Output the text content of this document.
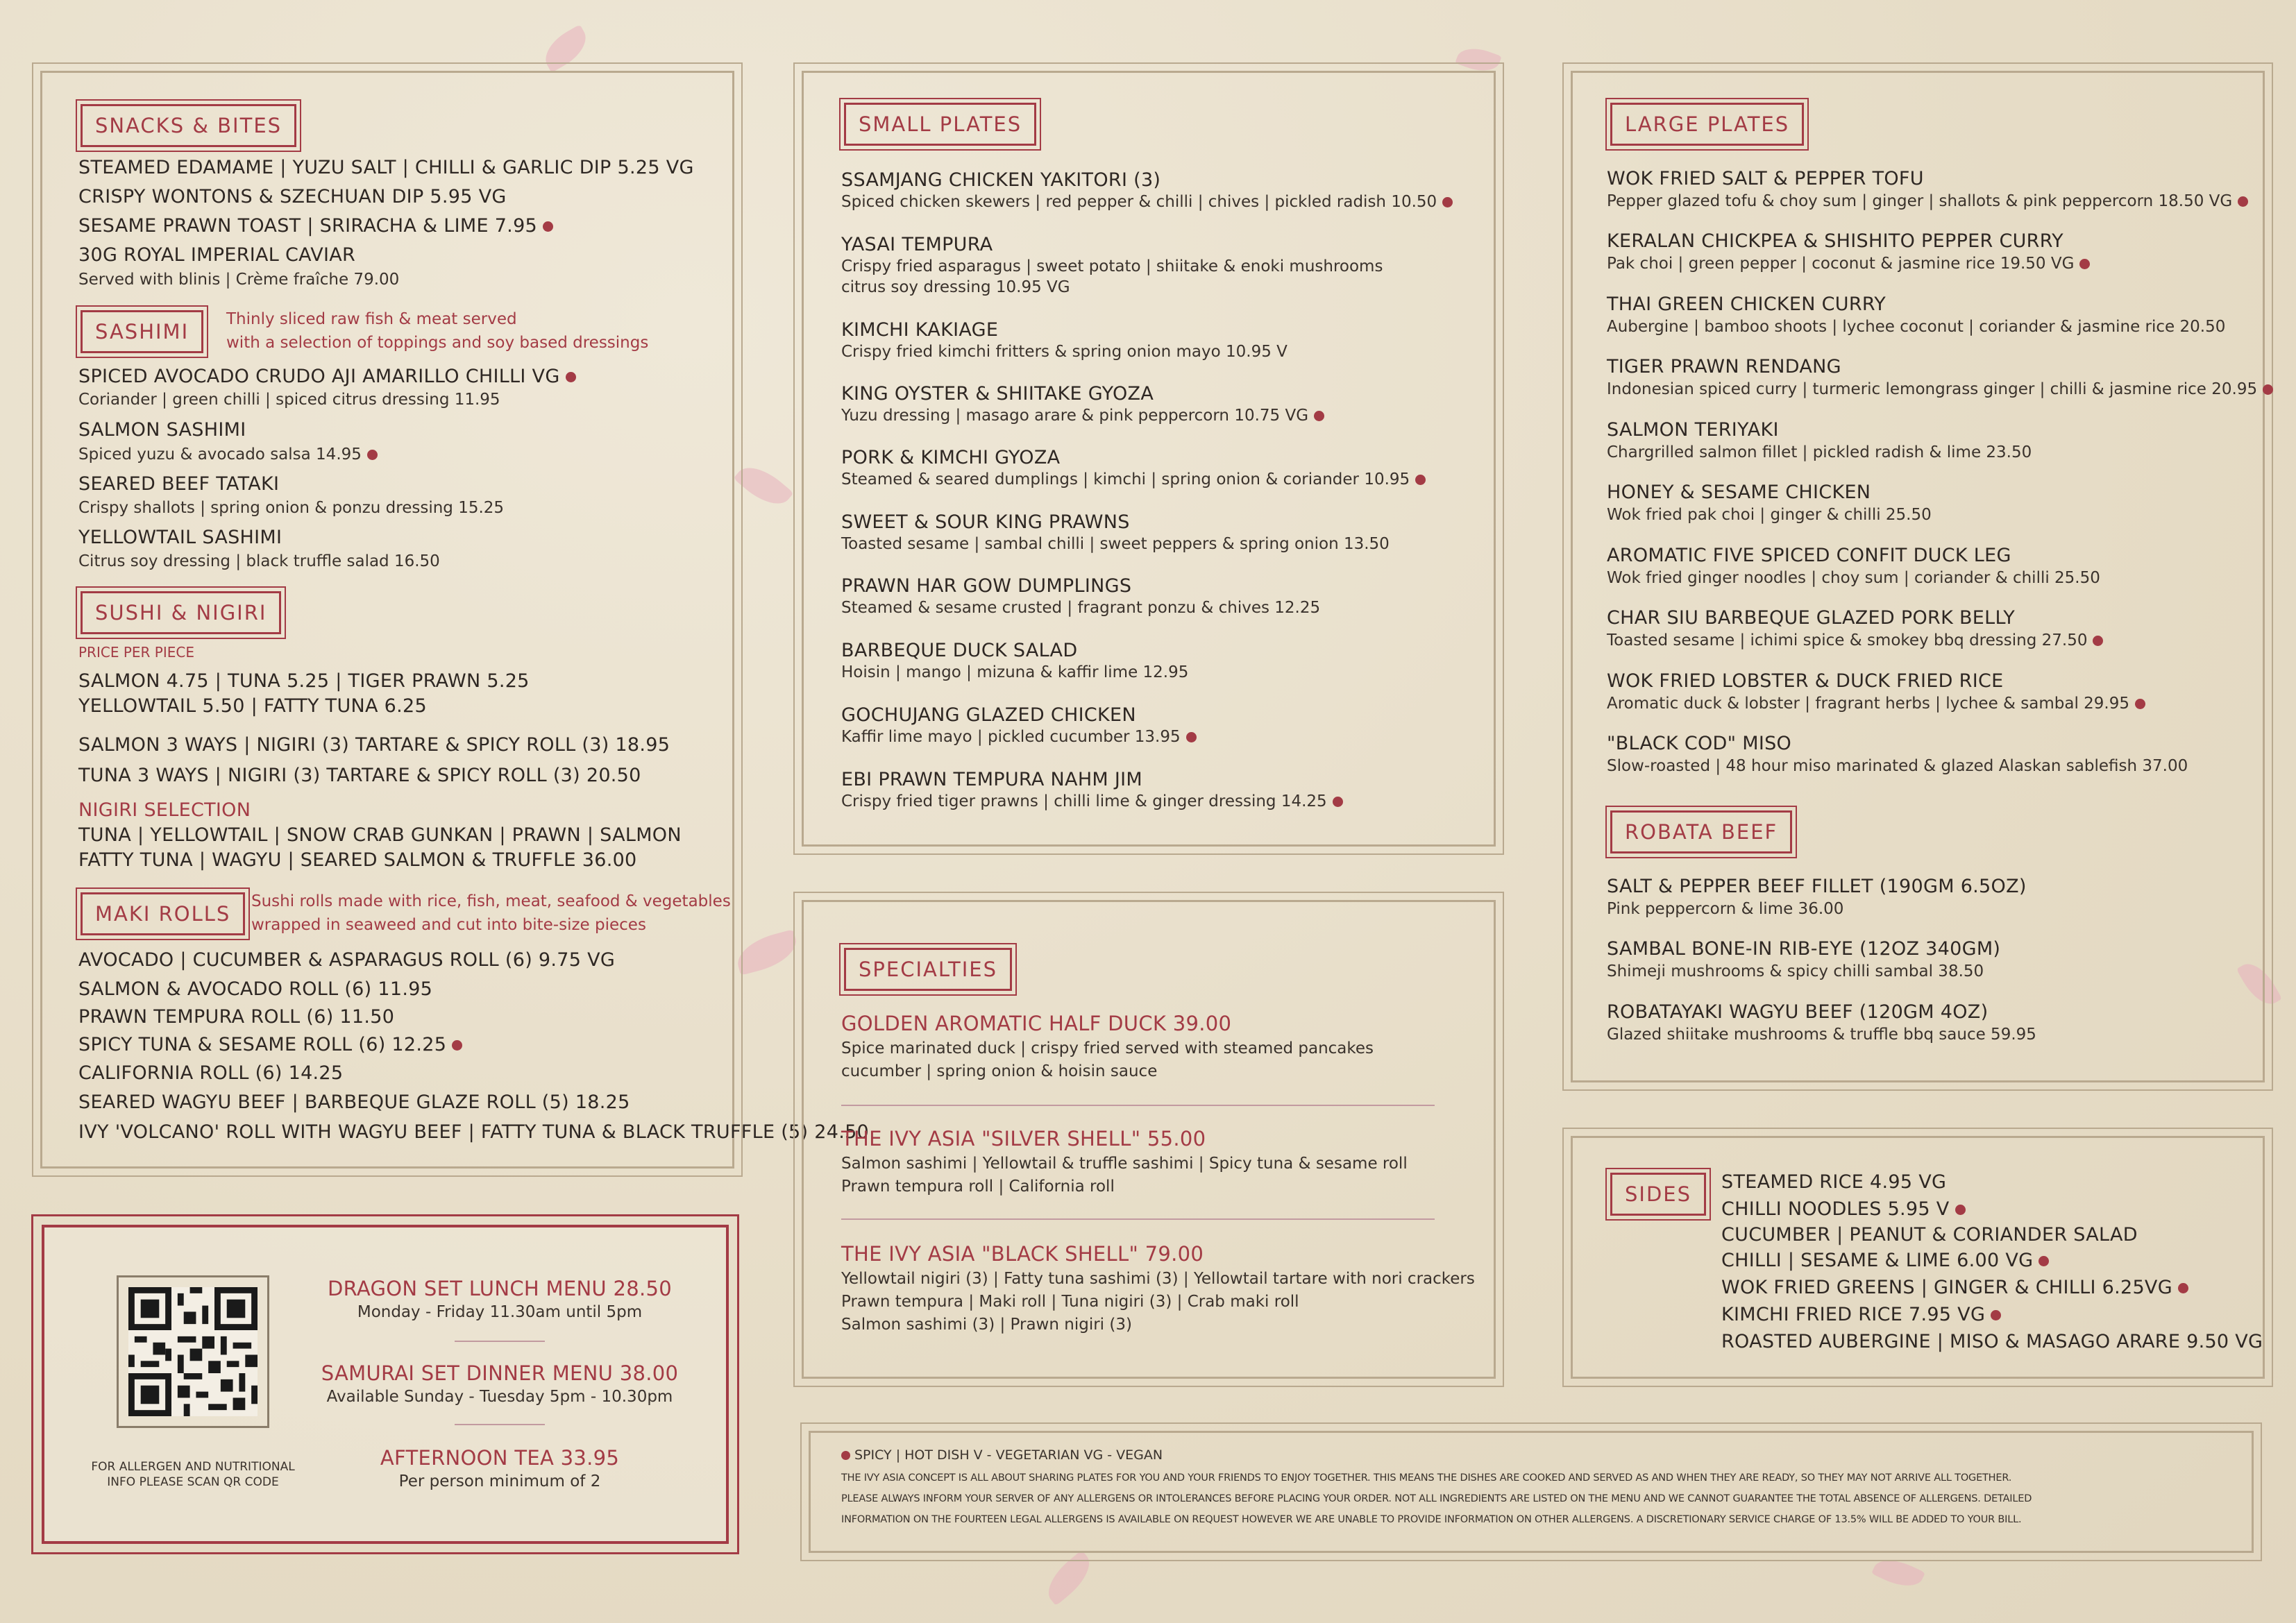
SNACKS & BITES
STEAMED EDAMAME | YUZU SALT | CHILLI & GARLIC DIP 5.25 VG
CRISPY WONTONS & SZECHUAN DIP 5.95 VG
SESAME PRAWN TOAST | SRIRACHA & LIME 7.95
30G ROYAL IMPERIAL CAVIAR
Served with blinis | Crème fraîche 79.00
SASHIMI
Thinly sliced raw fish & meat served
with a selection of toppings and soy based dressings
SPICED AVOCADO CRUDO AJI AMARILLO CHILLI VG
Coriander | green chilli | spiced citrus dressing 11.95
SALMON SASHIMI
Spiced yuzu & avocado salsa 14.95
SEARED BEEF TATAKI
Crispy shallots | spring onion & ponzu dressing 15.25
YELLOWTAIL SASHIMI
Citrus soy dressing | black truffle salad 16.50
SUSHI & NIGIRI
PRICE PER PIECE
SALMON 4.75 | TUNA 5.25 | TIGER PRAWN 5.25
YELLOWTAIL 5.50 | FATTY TUNA 6.25
SALMON 3 WAYS | NIGIRI (3) TARTARE & SPICY ROLL (3) 18.95
TUNA 3 WAYS | NIGIRI (3) TARTARE & SPICY ROLL (3) 20.50
NIGIRI SELECTION
TUNA | YELLOWTAIL | SNOW CRAB GUNKAN | PRAWN | SALMON
FATTY TUNA | WAGYU | SEARED SALMON & TRUFFLE 36.00
MAKI ROLLS
Sushi rolls made with rice, fish, meat, seafood & vegetables
wrapped in seaweed and cut into bite-size pieces
AVOCADO | CUCUMBER & ASPARAGUS ROLL (6) 9.75 VG
SALMON & AVOCADO ROLL (6) 11.95
PRAWN TEMPURA ROLL (6) 11.50
SPICY TUNA & SESAME ROLL (6) 12.25
CALIFORNIA ROLL (6) 14.25
SEARED WAGYU BEEF | BARBEQUE GLAZE ROLL (5) 18.25
IVY 'VOLCANO' ROLL WITH WAGYU BEEF | FATTY TUNA & BLACK TRUFFLE (5) 24.50
FOR ALLERGEN AND NUTRITIONAL
INFO PLEASE SCAN QR CODE
DRAGON SET LUNCH MENU 28.50
Monday - Friday 11.30am until 5pm
SAMURAI SET DINNER MENU 38.00
Available Sunday - Tuesday 5pm - 10.30pm
AFTERNOON TEA 33.95
Per person minimum of 2
SMALL PLATES
SSAMJANG CHICKEN YAKITORI (3)
Spiced chicken skewers | red pepper & chilli | chives | pickled radish 10.50
YASAI TEMPURA
Crispy fried asparagus | sweet potato | shiitake & enoki mushrooms
citrus soy dressing 10.95 VG
KIMCHI KAKIAGE
Crispy fried kimchi fritters & spring onion mayo 10.95 V
KING OYSTER & SHIITAKE GYOZA
Yuzu dressing | masago arare & pink peppercorn 10.75 VG
PORK & KIMCHI GYOZA
Steamed & seared dumplings | kimchi | spring onion & coriander 10.95
SWEET & SOUR KING PRAWNS
Toasted sesame | sambal chilli | sweet peppers & spring onion 13.50
PRAWN HAR GOW DUMPLINGS
Steamed & sesame crusted | fragrant ponzu & chives 12.25
BARBEQUE DUCK SALAD
Hoisin | mango | mizuna & kaffir lime 12.95
GOCHUJANG GLAZED CHICKEN
Kaffir lime mayo | pickled cucumber 13.95
EBI PRAWN TEMPURA NAHM JIM
Crispy fried tiger prawns | chilli lime & ginger dressing 14.25
SPECIALTIES
GOLDEN AROMATIC HALF DUCK 39.00
Spice marinated duck | crispy fried served with steamed pancakes
cucumber | spring onion & hoisin sauce
THE IVY ASIA "SILVER SHELL" 55.00
Salmon sashimi | Yellowtail & truffle sashimi | Spicy tuna & sesame roll
Prawn tempura roll | California roll
THE IVY ASIA "BLACK SHELL" 79.00
Yellowtail nigiri (3) | Fatty tuna sashimi (3) | Yellowtail tartare with nori crackers
Prawn tempura | Maki roll | Tuna nigiri (3) | Crab maki roll
Salmon sashimi (3) | Prawn nigiri (3)
SPICY | HOT DISH V - VEGETARIAN VG - VEGAN
THE IVY ASIA CONCEPT IS ALL ABOUT SHARING PLATES FOR YOU AND YOUR FRIENDS TO ENJOY TOGETHER. THIS MEANS THE DISHES ARE COOKED AND SERVED AS AND WHEN THEY ARE READY, SO THEY MAY NOT ARRIVE ALL TOGETHER.
PLEASE ALWAYS INFORM YOUR SERVER OF ANY ALLERGENS OR INTOLERANCES BEFORE PLACING YOUR ORDER. NOT ALL INGREDIENTS ARE LISTED ON THE MENU AND WE CANNOT GUARANTEE THE TOTAL ABSENCE OF ALLERGENS. DETAILED
INFORMATION ON THE FOURTEEN LEGAL ALLERGENS IS AVAILABLE ON REQUEST HOWEVER WE ARE UNABLE TO PROVIDE INFORMATION ON OTHER ALLERGENS. A DISCRETIONARY SERVICE CHARGE OF 13.5% WILL BE ADDED TO YOUR BILL.
LARGE PLATES
WOK FRIED SALT & PEPPER TOFU
Pepper glazed tofu & choy sum | ginger | shallots & pink peppercorn 18.50 VG
KERALAN CHICKPEA & SHISHITO PEPPER CURRY
Pak choi | green pepper | coconut & jasmine rice 19.50 VG
THAI GREEN CHICKEN CURRY
Aubergine | bamboo shoots | lychee coconut | coriander & jasmine rice 20.50
TIGER PRAWN RENDANG
Indonesian spiced curry | turmeric lemongrass ginger | chilli & jasmine rice 20.95
SALMON TERIYAKI
Chargrilled salmon fillet | pickled radish & lime 23.50
HONEY & SESAME CHICKEN
Wok fried pak choi | ginger & chilli 25.50
AROMATIC FIVE SPICED CONFIT DUCK LEG
Wok fried ginger noodles | choy sum | coriander & chilli 25.50
CHAR SIU BARBEQUE GLAZED PORK BELLY
Toasted sesame | ichimi spice & smokey bbq dressing 27.50
WOK FRIED LOBSTER & DUCK FRIED RICE
Aromatic duck & lobster | fragrant herbs | lychee & sambal 29.95
"BLACK COD" MISO
Slow-roasted | 48 hour miso marinated & glazed Alaskan sablefish 37.00
ROBATA BEEF
SALT & PEPPER BEEF FILLET (190GM 6.5OZ)
Pink peppercorn & lime 36.00
SAMBAL BONE-IN RIB-EYE (12OZ 340GM)
Shimeji mushrooms & spicy chilli sambal 38.50
ROBATAYAKI WAGYU BEEF (120GM 4OZ)
Glazed shiitake mushrooms & truffle bbq sauce 59.95
SIDES
STEAMED RICE 4.95 VG
CHILLI NOODLES 5.95 V
CUCUMBER | PEANUT & CORIANDER SALAD
CHILLI | SESAME & LIME 6.00 VG
WOK FRIED GREENS | GINGER & CHILLI 6.25VG
KIMCHI FRIED RICE 7.95 VG
ROASTED AUBERGINE | MISO & MASAGO ARARE 9.50 VG
